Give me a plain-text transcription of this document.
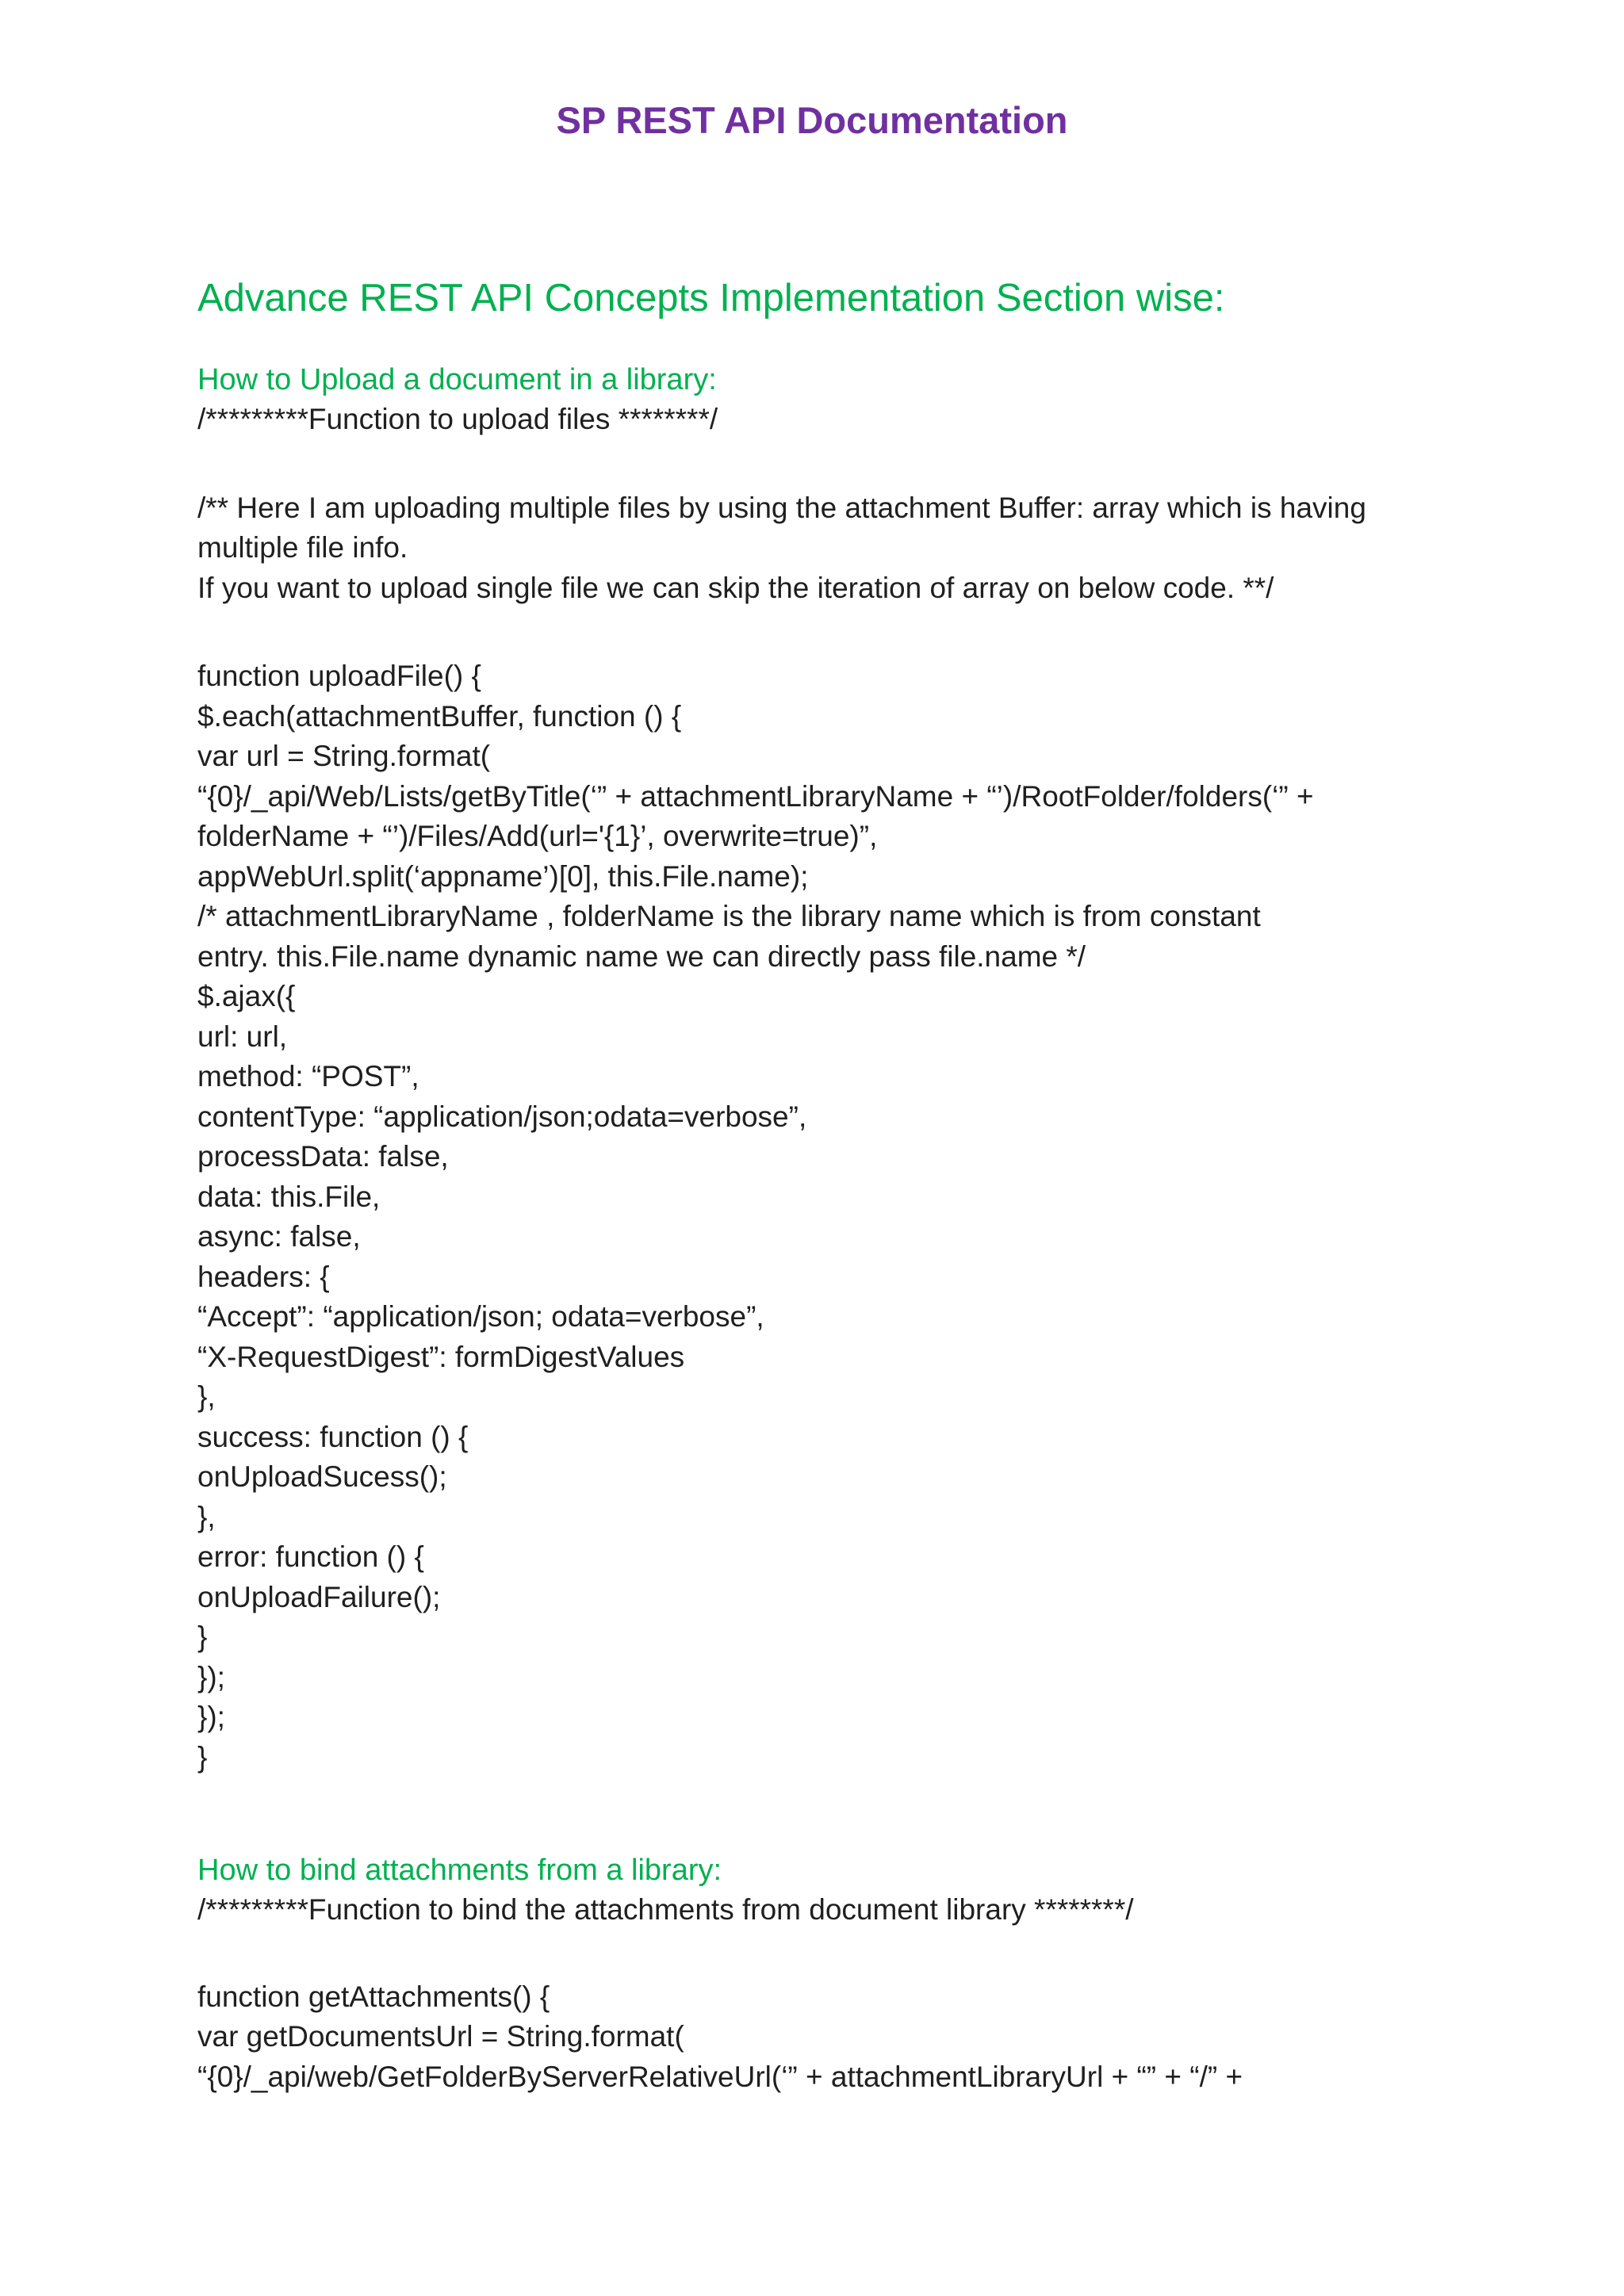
SP REST API Documentation
Advance REST API Concepts Implementation Section wise:
How to Upload a document in a library:

/*********Function to upload files ********/

/** Here I am uploading multiple files by using the attachment Buffer: array which is having

multiple file info.

If you want to upload single file we can skip the iteration of array on below code. **/

function uploadFile() {

$.each(attachmentBuffer, function () {

var url = String.format(

“{0}/_api/Web/Lists/getByTitle(‘” + attachmentLibraryName + “’)/RootFolder/folders(‘” +

folderName + “’)/Files/Add(url='{1}’, overwrite=true)”,

appWebUrl.split(‘appname’)[0], this.File.name);

/* attachmentLibraryName , folderName is the library name which is from constant

entry. this.File.name dynamic name we can directly pass file.name */

$.ajax({

url: url,

method: “POST”,

contentType: “application/json;odata=verbose”,

processData: false,

data: this.File,

async: false,

headers: {

“Accept”: “application/json; odata=verbose”,

“X-RequestDigest”: formDigestValues

},

success: function () {

onUploadSucess();

},

error: function () {

onUploadFailure();

}

});

});

}

How to bind attachments from a library:

/*********Function to bind the attachments from document library ********/

function getAttachments() {

var getDocumentsUrl = String.format(

“{0}/_api/web/GetFolderByServerRelativeUrl(‘” + attachmentLibraryUrl + “” + “/” +
